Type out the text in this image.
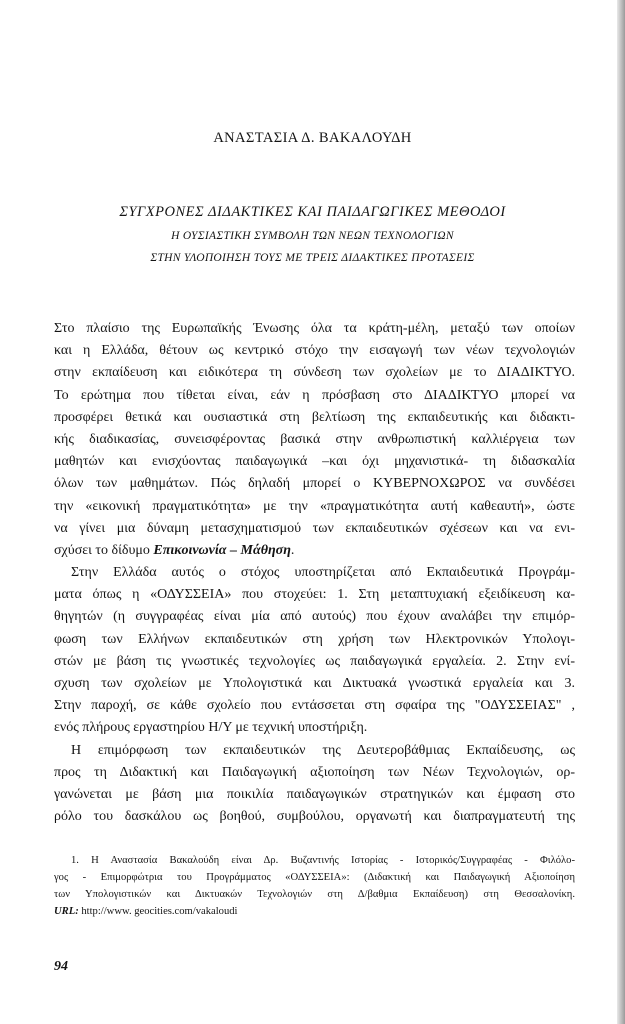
ΑΝΑΣΤΑΣΙΑ Δ. ΒΑΚΑΛΟΥΔΗ
ΣΥΓΧΡΟΝΕΣ ΔΙΔΑΚΤΙΚΕΣ ΚΑΙ ΠΑΙΔΑΓΩΓΙΚΕΣ ΜΕΘΟΔΟΙ
Η ΟΥΣΙΑΣΤΙΚΗ ΣΥΜΒΟΛΗ ΤΩΝ ΝΕΩΝ ΤΕΧΝΟΛΟΓΙΩΝ
ΣΤΗΝ ΥΛΟΠΟΙΗΣΗ ΤΟΥΣ ΜΕ ΤΡΕΙΣ ΔΙΔΑΚΤΙΚΕΣ ΠΡΟΤΑΣΕΙΣ
Στο πλαίσιο της Ευρωπαϊκής Ένωσης όλα τα κράτη-μέλη, μεταξύ των οποίων
και η Ελλάδα, θέτουν ως κεντρικό στόχο την εισαγωγή των νέων τεχνολογιών
στην εκπαίδευση και ειδικότερα τη σύνδεση των σχολείων με το ΔΙΑΔΙΚΤΥΟ.
Το ερώτημα που τίθεται είναι, εάν η πρόσβαση στο ΔΙΑΔΙΚΤΥΟ μπορεί να
προσφέρει θετικά και ουσιαστικά στη βελτίωση της εκπαιδευτικής και διδακτι-
κής διαδικασίας, συνεισφέροντας βασικά στην ανθρωπιστική καλλιέργεια των
μαθητών και ενισχύοντας παιδαγωγικά –και όχι μηχανιστικά- τη διδασκαλία
όλων των μαθημάτων. Πώς δηλαδή μπορεί ο ΚΥΒΕΡΝΟΧΩΡΟΣ να συνδέσει
την «εικονική πραγματικότητα» με την «πραγματικότητα αυτή καθεαυτή», ώστε
να γίνει μια δύναμη μετασχηματισμού των εκπαιδευτικών σχέσεων και να ενι-
σχύσει το δίδυμο Επικοινωνία – Μάθηση.
Στην Ελλάδα αυτός ο στόχος υποστηρίζεται από Εκπαιδευτικά Προγράμ-
ματα όπως η «ΟΔΥΣΣΕΙΑ» που στοχεύει: 1. Στη μεταπτυχιακή εξειδίκευση κα-
θηγητών (η συγγραφέας είναι μία από αυτούς) που έχουν αναλάβει την επιμόρ-
φωση των Ελλήνων εκπαιδευτικών στη χρήση των Ηλεκτρονικών Υπολογι-
στών με βάση τις γνωστικές τεχνολογίες ως παιδαγωγικά εργαλεία. 2. Στην ενί-
σχυση των σχολείων με Υπολογιστικά και Δικτυακά γνωστικά εργαλεία και 3.
Στην παροχή, σε κάθε σχολείο που εντάσσεται στη σφαίρα της "ΟΔΥΣΣΕΙΑΣ" ,
ενός πλήρους εργαστηρίου Η/Υ με τεχνική υποστήριξη.
Η επιμόρφωση των εκπαιδευτικών της Δευτεροβάθμιας Εκπαίδευσης, ως
προς τη Διδακτική και Παιδαγωγική αξιοποίηση των Νέων Τεχνολογιών, ορ-
γανώνεται με βάση μια ποικιλία παιδαγωγικών στρατηγικών και έμφαση στο
ρόλο του δασκάλου ως βοηθού, συμβούλου, οργανωτή και διαπραγματευτή της
1. Η Αναστασία Βακαλούδη είναι Δρ. Βυζαντινής Ιστορίας - Ιστορικός/Συγγραφέας - Φιλόλο-
γος - Επιμορφώτρια του Προγράμματος «ΟΔΥΣΣΕΙΑ»: (Διδακτική και Παιδαγωγική Αξιοποίηση
των Υπολογιστικών και Δικτυακών Τεχνολογιών στη Δ/βαθμια Εκπαίδευση) στη Θεσσαλονίκη.
URL: http://www. geocities.com/vakaloudi
94
